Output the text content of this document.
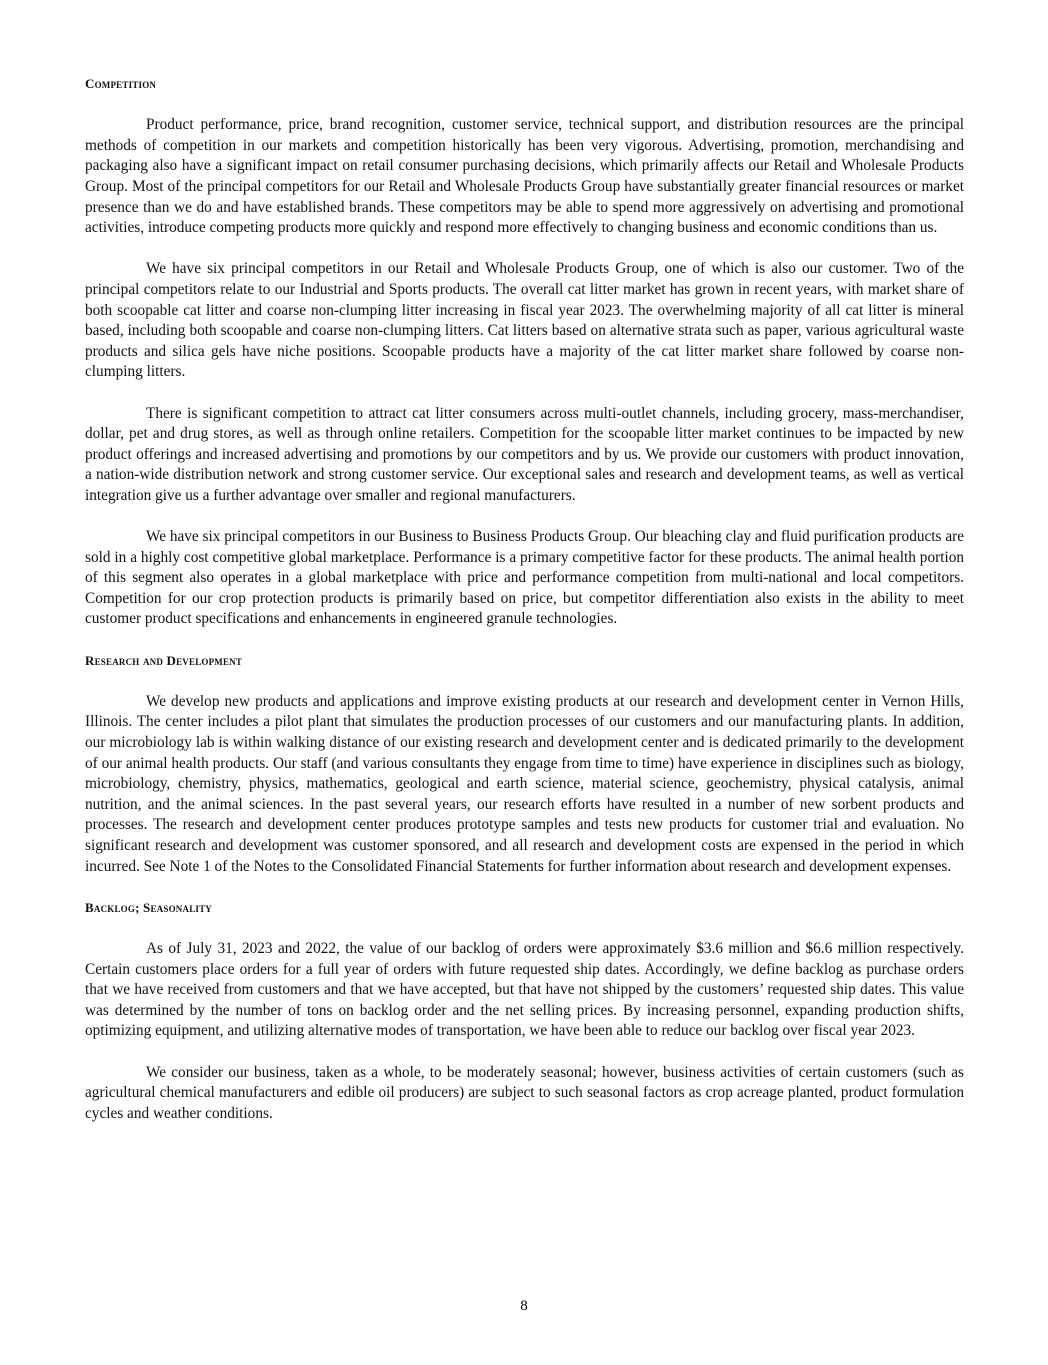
Competition

Product performance, price, brand recognition, customer service, technical support, and distribution resources are the principal methods of competition in our markets and competition historically has been very vigorous. Advertising, promotion, merchandising and packaging also have a significant impact on retail consumer purchasing decisions, which primarily affects our Retail and Wholesale Products Group. Most of the principal competitors for our Retail and Wholesale Products Group have substantially greater financial resources or market presence than we do and have established brands. These competitors may be able to spend more aggressively on advertising and promotional activities, introduce competing products more quickly and respond more effectively to changing business and economic conditions than us.

We have six principal competitors in our Retail and Wholesale Products Group, one of which is also our customer. Two of the principal competitors relate to our Industrial and Sports products. The overall cat litter market has grown in recent years, with market share of both scoopable cat litter and coarse non-clumping litter increasing in fiscal year 2023. The overwhelming majority of all cat litter is mineral based, including both scoopable and coarse non-clumping litters. Cat litters based on alternative strata such as paper, various agricultural waste products and silica gels have niche positions. Scoopable products have a majority of the cat litter market share followed by coarse non-clumping litters.

There is significant competition to attract cat litter consumers across multi-outlet channels, including grocery, mass-merchandiser, dollar, pet and drug stores, as well as through online retailers. Competition for the scoopable litter market continues to be impacted by new product offerings and increased advertising and promotions by our competitors and by us. We provide our customers with product innovation, a nation-wide distribution network and strong customer service. Our exceptional sales and research and development teams, as well as vertical integration give us a further advantage over smaller and regional manufacturers.

We have six principal competitors in our Business to Business Products Group. Our bleaching clay and fluid purification products are sold in a highly cost competitive global marketplace. Performance is a primary competitive factor for these products. The animal health portion of this segment also operates in a global marketplace with price and performance competition from multi-national and local competitors. Competition for our crop protection products is primarily based on price, but competitor differentiation also exists in the ability to meet customer product specifications and enhancements in engineered granule technologies.

Research and Development

We develop new products and applications and improve existing products at our research and development center in Vernon Hills, Illinois. The center includes a pilot plant that simulates the production processes of our customers and our manufacturing plants. In addition, our microbiology lab is within walking distance of our existing research and development center and is dedicated primarily to the development of our animal health products. Our staff (and various consultants they engage from time to time) have experience in disciplines such as biology, microbiology, chemistry, physics, mathematics, geological and earth science, material science, geochemistry, physical catalysis, animal nutrition, and the animal sciences. In the past several years, our research efforts have resulted in a number of new sorbent products and processes. The research and development center produces prototype samples and tests new products for customer trial and evaluation. No significant research and development was customer sponsored, and all research and development costs are expensed in the period in which incurred. See Note 1 of the Notes to the Consolidated Financial Statements for further information about research and development expenses.

Backlog; Seasonality

As of July 31, 2023 and 2022, the value of our backlog of orders were approximately $3.6 million and $6.6 million respectively. Certain customers place orders for a full year of orders with future requested ship dates. Accordingly, we define backlog as purchase orders that we have received from customers and that we have accepted, but that have not shipped by the customers’ requested ship dates. This value was determined by the number of tons on backlog order and the net selling prices. By increasing personnel, expanding production shifts, optimizing equipment, and utilizing alternative modes of transportation, we have been able to reduce our backlog over fiscal year 2023.

We consider our business, taken as a whole, to be moderately seasonal; however, business activities of certain customers (such as agricultural chemical manufacturers and edible oil producers) are subject to such seasonal factors as crop acreage planted, product formulation cycles and weather conditions.

8
